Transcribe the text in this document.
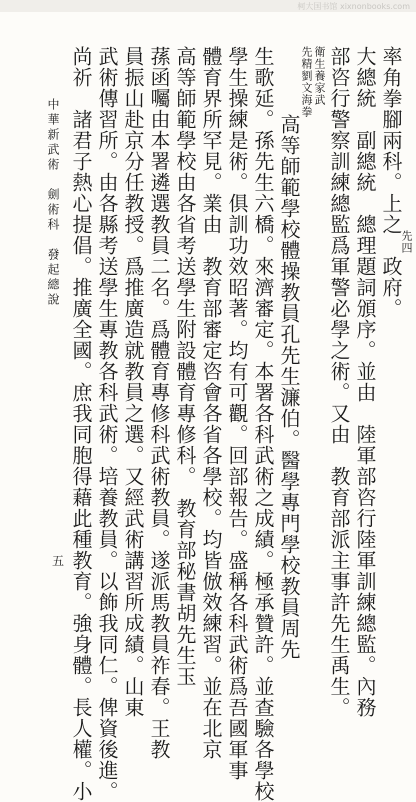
柯大国书馆 xixnonbooks.com
率角拳腳兩科。上之　政府。
大總統　副總統　總理題詞頒序。並由　陸軍部咨行陸軍訓練總監。內務
部咨行警察訓練總監爲軍警必學之術。又由　教育部派主事許先生禹生。
衛生養家武
先精劉文海拳
高等師範學校體操教員孔先生濂伯。醫學專門學校教員周先
生歌延。孫先生六橋。來濟審定。本署各科武術之成績。極承贊許。並查驗各學校
學生操練是術。俱訓功效昭著。均有可觀。回部報告。盛稱各科武術爲吾國軍事
體育界所罕見。業由　教育部審定咨會各省各學校。均皆倣效練習。並在北京
高等師範學校由各省考送學生附設體育專修科。　教育部秘書胡先生玉
蓀函囑由本署遴選教員二名。爲體育專修科武術教員。遂派馬教員祚春。王教
員振山赴京分任教授。爲推廣造就教員之選。又經武術講習所成績。山東
武術傳習所。由各縣考送學生專教各科武術。培養教員。以飾我同仁。俾資後進。
尚祈　諸君子熱心提倡。推廣全國。庶我同胞得藉此種教育。強身體。長人權。小	先四
中華新武術　劍術科　發起總說
五
